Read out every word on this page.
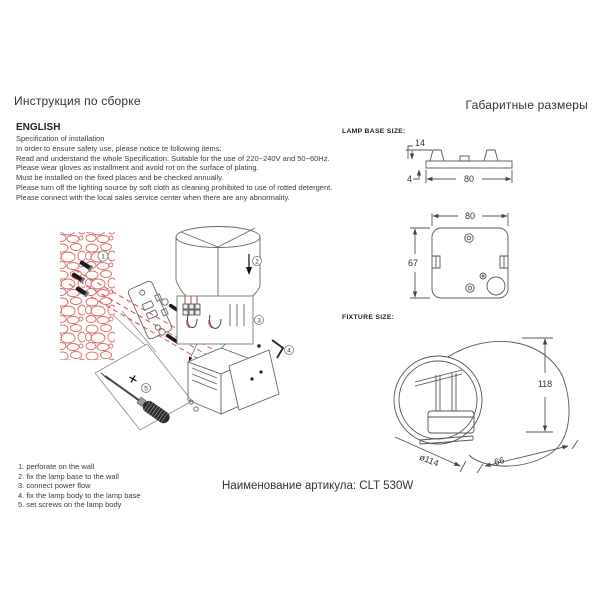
Инструкция по сборке	Габаритные размеры
ENGLISH
Specification of installation
In order to ensure safety use, please notice te following items:
Read and understand the whole Specification. Suitable for the use of 220~240V and 50~60Hz.
Please wear gloves as installment and avoid rot on the surface of plating.
Must be installed on the fixed places and be checked annually.
Please turn off the lighting source by soft cloth as cleaning prohibited to use of rotted detergent.
Please connect with the local sales service center when there are any abnormality.
LAMP BASE SIZE:
FIXTURE SIZE:
14
4	80
80
67
118
ø114	66
1
2
3
4
5
1. perforate on the wall
2. fix the lamp base to the wall
3. connect power flow
4. fix the lamp body to the lamp base
5. set screws on the lamp body
Наименование артикула: CLT 530W
